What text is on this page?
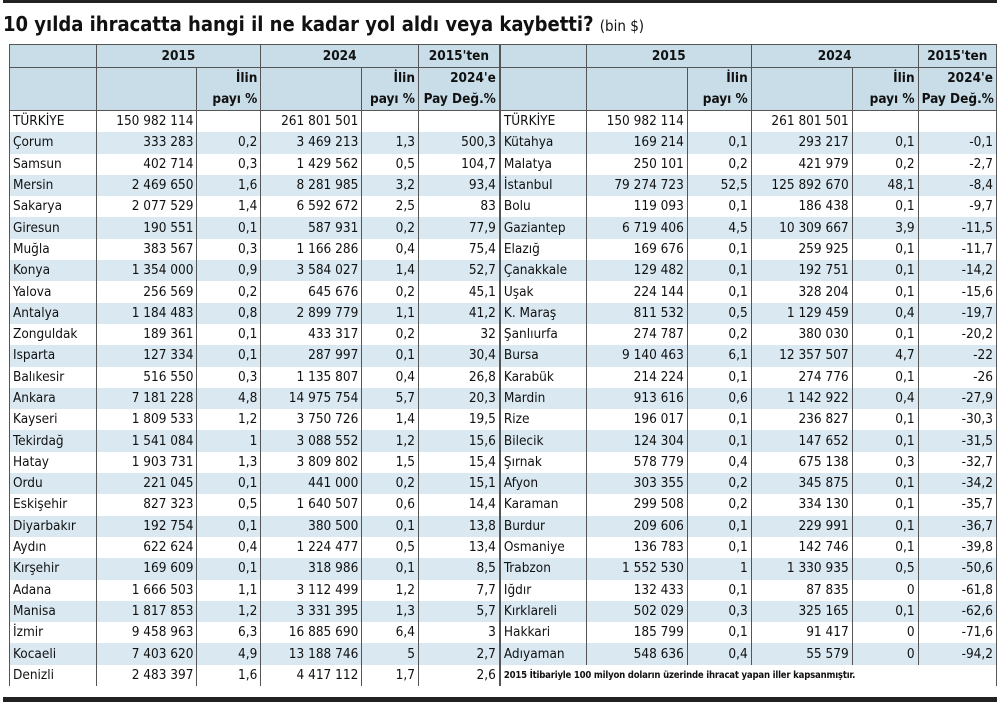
10 yılda ihracatta hangi il ne kadar yol aldı veya kaybetti? (bin $)
	2015		2024		2015'ten		2015		2024		2015'ten
		İlin		İlin	2024'e			İlin		İlin	2024'e
		payı %		payı %	Pay Değ.%			payı %		payı %	Pay Değ.%
TÜRKİYE	150 982 114		261 801 501			TÜRKİYE	150 982 114		261 801 501		
Çorum	333 283	0,2	3 469 213	1,3	500,3	Kütahya	169 214	0,1	293 217	0,1	-0,1
Samsun	402 714	0,3	1 429 562	0,5	104,7	Malatya	250 101	0,2	421 979	0,2	-2,7
Mersin	2 469 650	1,6	8 281 985	3,2	93,4	İstanbul	79 274 723	52,5	125 892 670	48,1	-8,4
Sakarya	2 077 529	1,4	6 592 672	2,5	83	Bolu	119 093	0,1	186 438	0,1	-9,7
Giresun	190 551	0,1	587 931	0,2	77,9	Gaziantep	6 719 406	4,5	10 309 667	3,9	-11,5
Muğla	383 567	0,3	1 166 286	0,4	75,4	Elazığ	169 676	0,1	259 925	0,1	-11,7
Konya	1 354 000	0,9	3 584 027	1,4	52,7	Çanakkale	129 482	0,1	192 751	0,1	-14,2
Yalova	256 569	0,2	645 676	0,2	45,1	Uşak	224 144	0,1	328 204	0,1	-15,6
Antalya	1 184 483	0,8	2 899 779	1,1	41,2	K. Maraş	811 532	0,5	1 129 459	0,4	-19,7
Zonguldak	189 361	0,1	433 317	0,2	32	Şanlıurfa	274 787	0,2	380 030	0,1	-20,2
Isparta	127 334	0,1	287 997	0,1	30,4	Bursa	9 140 463	6,1	12 357 507	4,7	-22
Balıkesir	516 550	0,3	1 135 807	0,4	26,8	Karabük	214 224	0,1	274 776	0,1	-26
Ankara	7 181 228	4,8	14 975 754	5,7	20,3	Mardin	913 616	0,6	1 142 922	0,4	-27,9
Kayseri	1 809 533	1,2	3 750 726	1,4	19,5	Rize	196 017	0,1	236 827	0,1	-30,3
Tekirdağ	1 541 084	1	3 088 552	1,2	15,6	Bilecik	124 304	0,1	147 652	0,1	-31,5
Hatay	1 903 731	1,3	3 809 802	1,5	15,4	Şırnak	578 779	0,4	675 138	0,3	-32,7
Ordu	221 045	0,1	441 000	0,2	15,1	Afyon	303 355	0,2	345 875	0,1	-34,2
Eskişehir	827 323	0,5	1 640 507	0,6	14,4	Karaman	299 508	0,2	334 130	0,1	-35,7
Diyarbakır	192 754	0,1	380 500	0,1	13,8	Burdur	209 606	0,1	229 991	0,1	-36,7
Aydın	622 624	0,4	1 224 477	0,5	13,4	Osmaniye	136 783	0,1	142 746	0,1	-39,8
Kırşehir	169 609	0,1	318 986	0,1	8,5	Trabzon	1 552 530	1	1 330 935	0,5	-50,6
Adana	1 666 503	1,1	3 112 499	1,2	7,7	Iğdır	132 433	0,1	87 835	0	-61,8
Manisa	1 817 853	1,2	3 331 395	1,3	5,7	Kırklareli	502 029	0,3	325 165	0,1	-62,6
İzmir	9 458 963	6,3	16 885 690	6,4	3	Hakkari	185 799	0,1	91 417	0	-71,6
Kocaeli	7 403 620	4,9	13 188 746	5	2,7	Adıyaman	548 636	0,4	55 579	0	-94,2
Denizli	2 483 397	1,6	4 417 112	1,7	2,6	2015 İtibariyle 100 milyon doların üzerinde ihracat yapan iller kapsanmıştır.					
